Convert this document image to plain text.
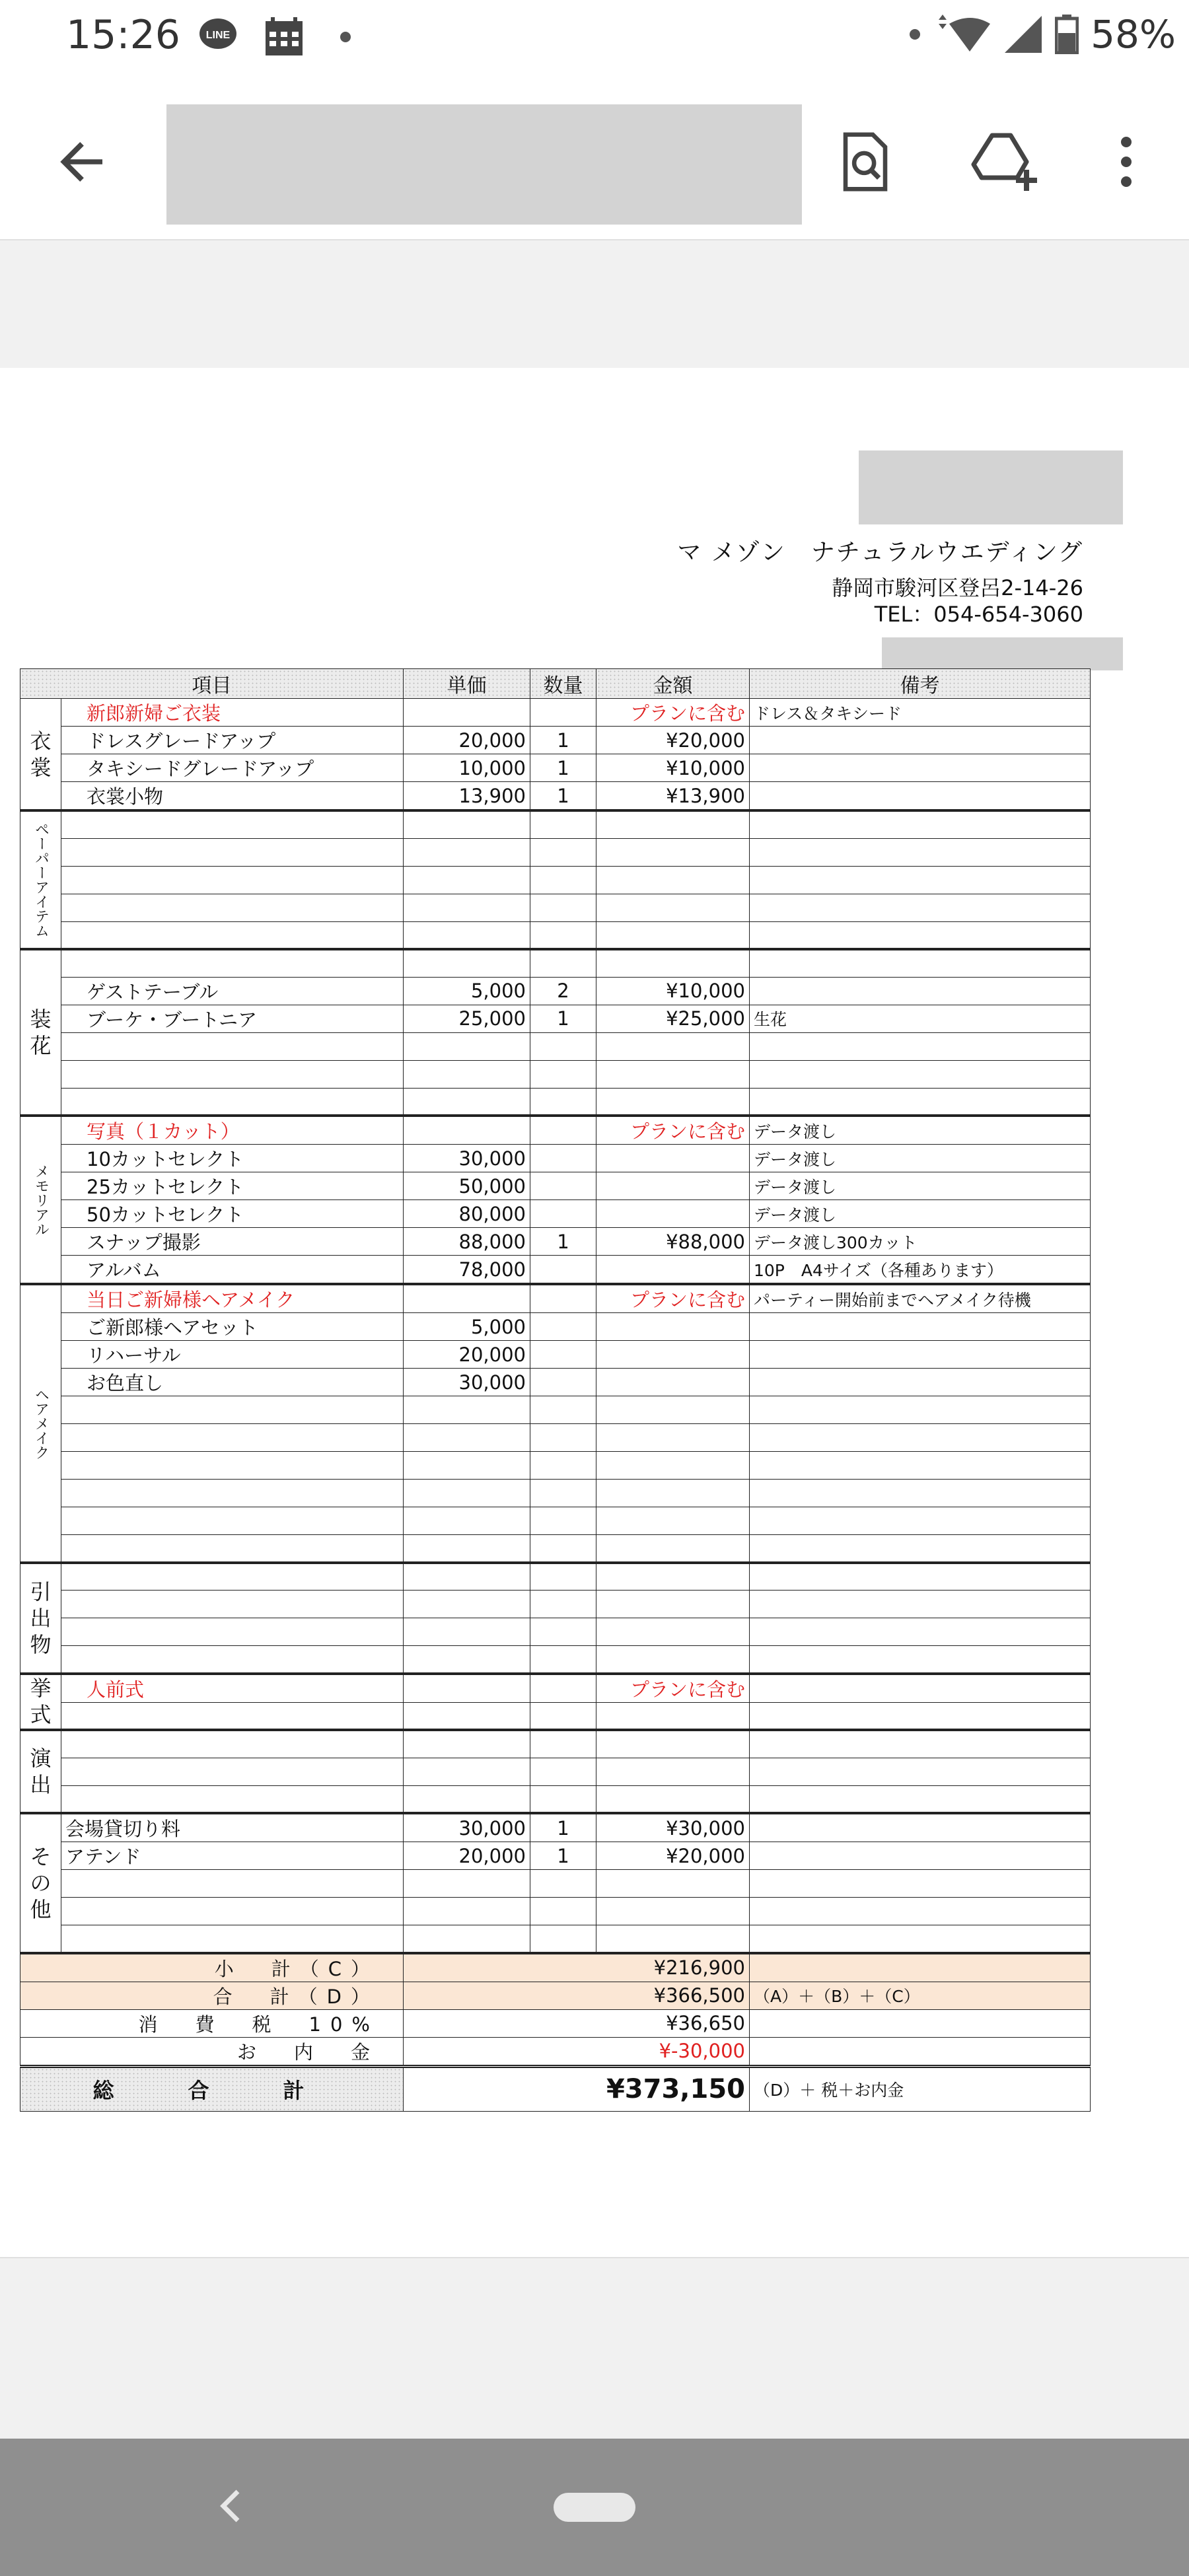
15:26 LINE	58%
マ メゾン　ナチュラルウエディング
静岡市駿河区登呂2-14-26
TEL：054-654-3060
項目		単価	数量	金額	備考
衣裳	新郎新婦ご衣装			プランに含む	ドレス＆タキシード
	ドレスグレードアップ	20,000	1	¥20,000	
	タキシードグレードアップ	10,000	1	¥10,000	
	衣裳小物	13,900	1	¥13,900	
ペーパーアイテム					

装花					
	ゲストテーブル	5,000	2	¥10,000	
	ブーケ・ブートニア	25,000	1	¥25,000	生花

メモリアル	写真（１カット）			プランに含む	データ渡し
	10カットセレクト	30,000			データ渡し
	25カットセレクト	50,000			データ渡し
	50カットセレクト	80,000			データ渡し
	スナップ撮影	88,000	1	¥88,000	データ渡し300カット
	アルバム	78,000			10P　A4サイズ（各種あります）
ヘアメイク	当日ご新婦様ヘアメイク			プランに含む	パーティー開始前までヘアメイク待機
	ご新郎様ヘアセット	5,000			
	リハーサル	20,000			
	お色直し	30,000			

引出物					

挙式	人前式			プランに含む	

演出					

その他	会場貸切り料	30,000	1	¥30,000	
	アテンド	20,000	1	¥20,000	

小　計（C）		¥216,900			
合　計（D）		¥366,500			（A）＋（B）＋（C）
消　費　税　10%		¥36,650			
お　内　金		¥-30,000			
総　合　計		¥373,150			（D）＋ 税＋お内金
